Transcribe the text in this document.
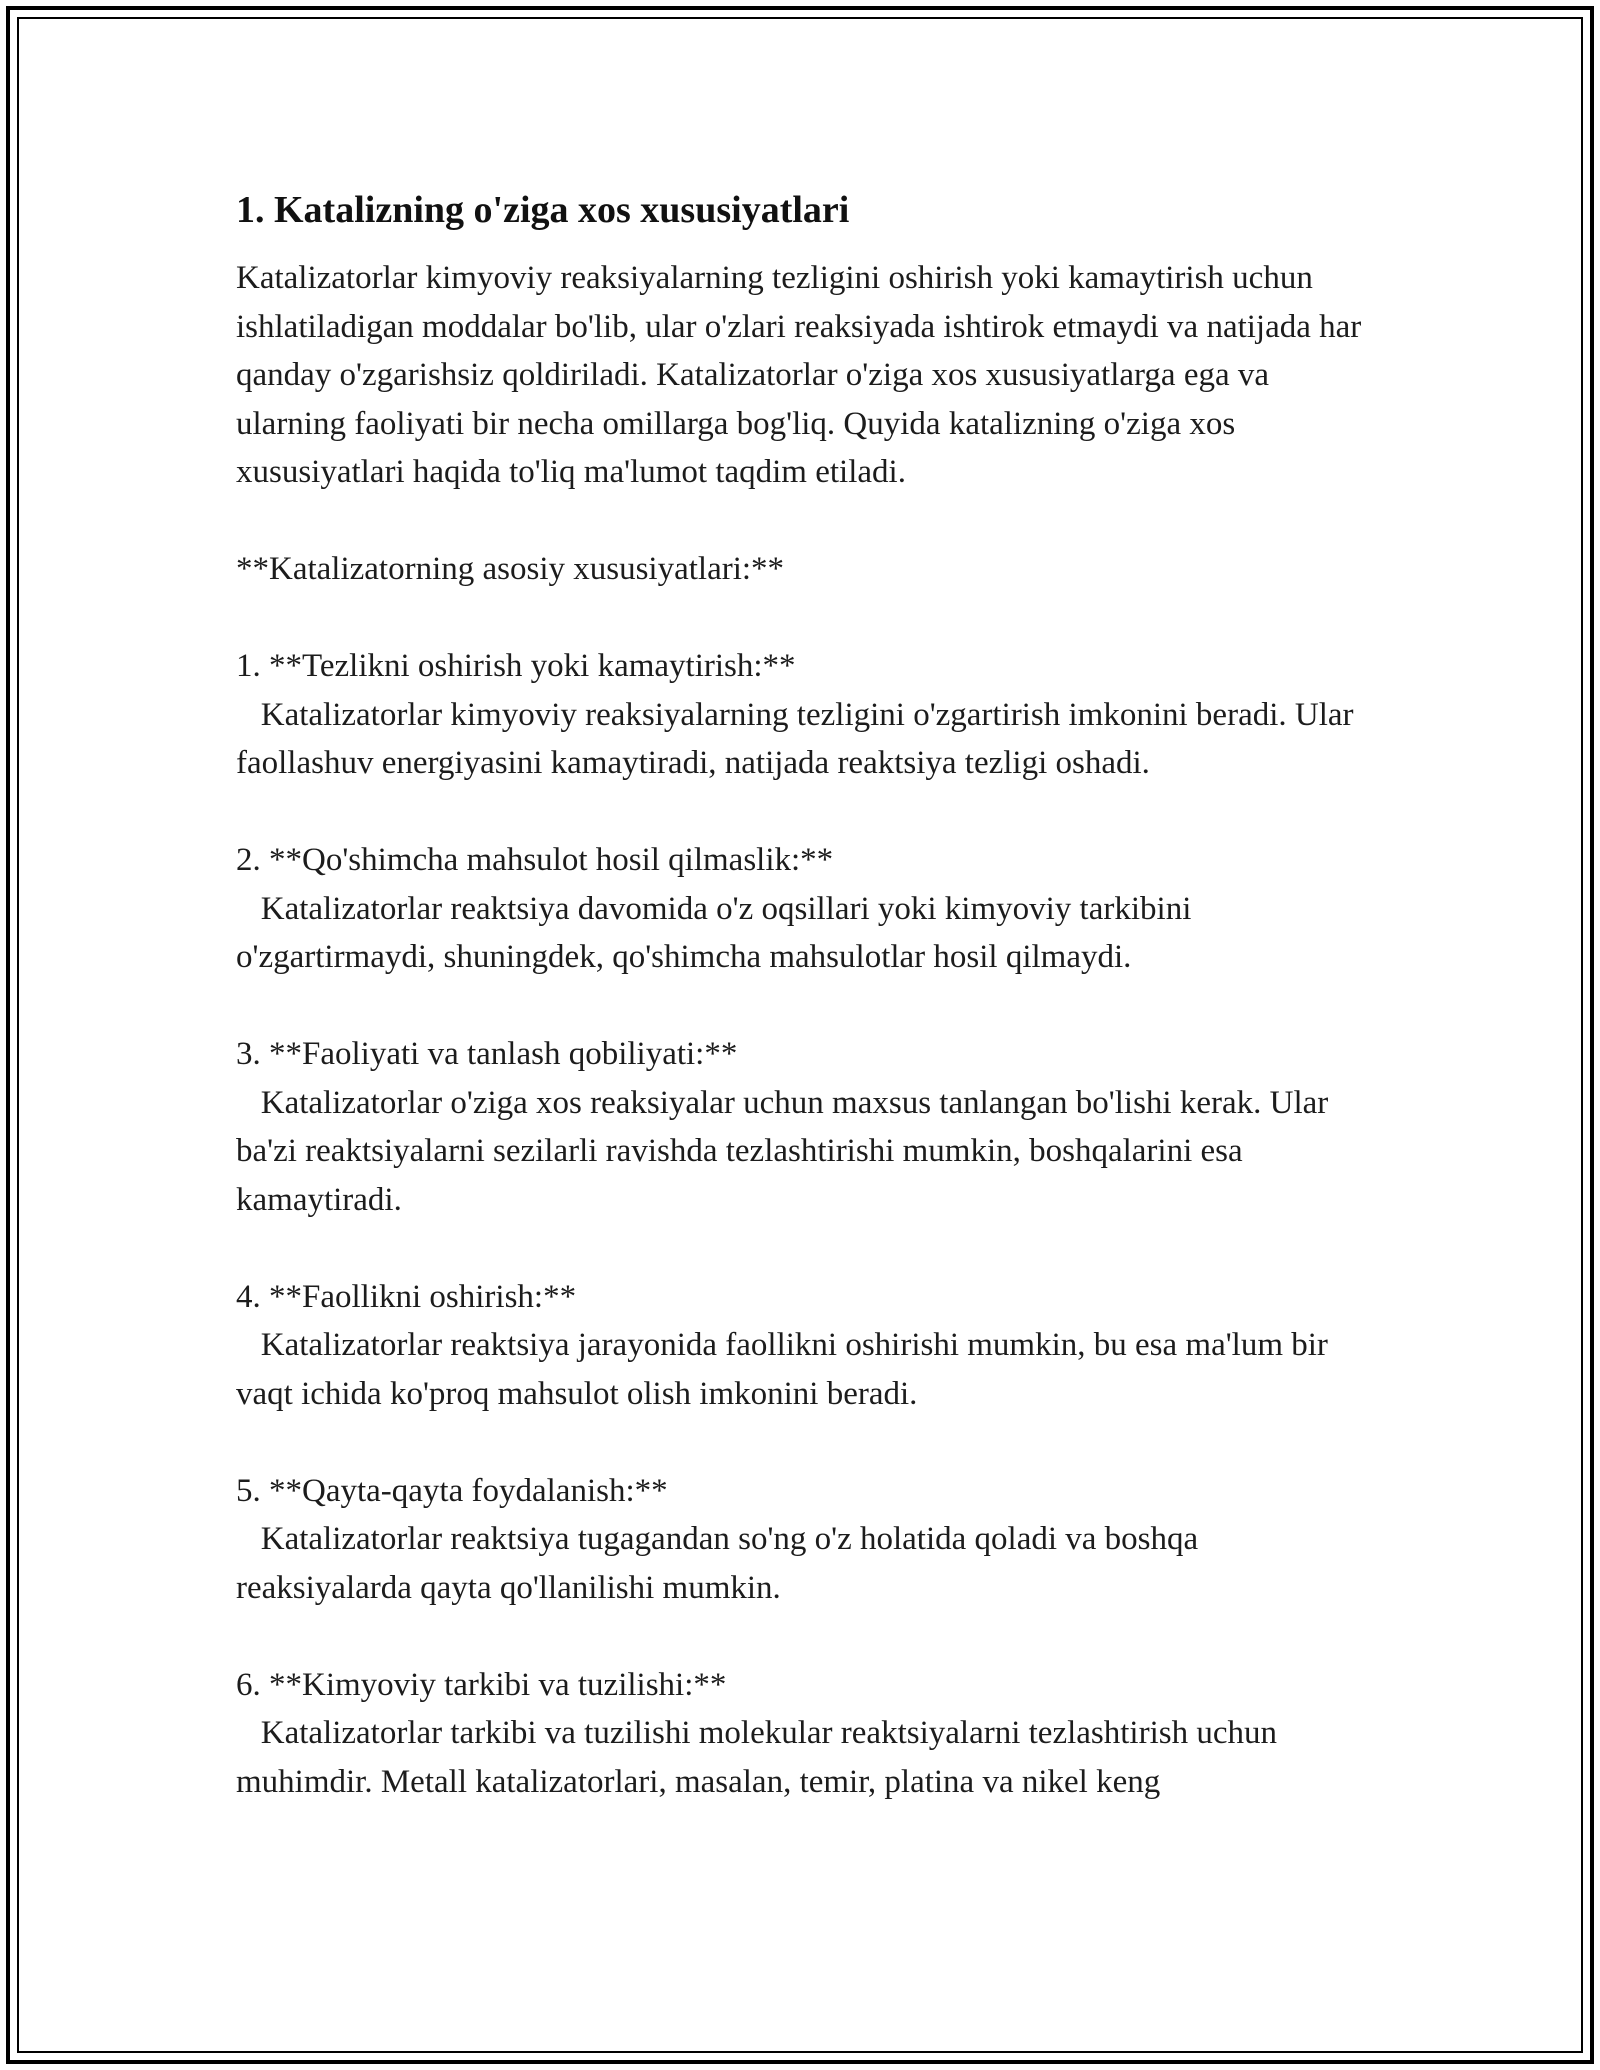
1. Katalizning o'ziga xos xususiyatlari

Katalizatorlar kimyoviy reaksiyalarning tezligini oshirish yoki kamaytirish uchun ishlatiladigan moddalar bo'lib, ular o'zlari reaksiyada ishtirok etmaydi va natijada har qanday o'zgarishsiz qoldiriladi. Katalizatorlar o'ziga xos xususiyatlarga ega va ularning faoliyati bir necha omillarga bog'liq. Quyida katalizning o'ziga xos xususiyatlari haqida to'liq ma'lumot taqdim etiladi.

**Katalizatorning asosiy xususiyatlari:**

1. **Tezlikni oshirish yoki kamaytirish:**
Katalizatorlar kimyoviy reaksiyalarning tezligini o'zgartirish imkonini beradi. Ular faollashuv energiyasini kamaytiradi, natijada reaktsiya tezligi oshadi.
2. **Qo'shimcha mahsulot hosil qilmaslik:**
Katalizatorlar reaktsiya davomida o'z oqsillari yoki kimyoviy tarkibini o'zgartirmaydi, shuningdek, qo'shimcha mahsulotlar hosil qilmaydi.
3. **Faoliyati va tanlash qobiliyati:**
Katalizatorlar o'ziga xos reaksiyalar uchun maxsus tanlangan bo'lishi kerak. Ular ba'zi reaktsiyalarni sezilarli ravishda tezlashtirishi mumkin, boshqalarini esa kamaytiradi.
4. **Faollikni oshirish:**
Katalizatorlar reaktsiya jarayonida faollikni oshirishi mumkin, bu esa ma'lum bir vaqt ichida ko'proq mahsulot olish imkonini beradi.
5. **Qayta-qayta foydalanish:**
Katalizatorlar reaktsiya tugagandan so'ng o'z holatida qoladi va boshqa reaksiyalarda qayta qo'llanilishi mumkin.
6. **Kimyoviy tarkibi va tuzilishi:**
Katalizatorlar tarkibi va tuzilishi molekular reaktsiyalarni tezlashtirish uchun muhimdir. Metall katalizatorlari, masalan, temir, platina va nikel keng
